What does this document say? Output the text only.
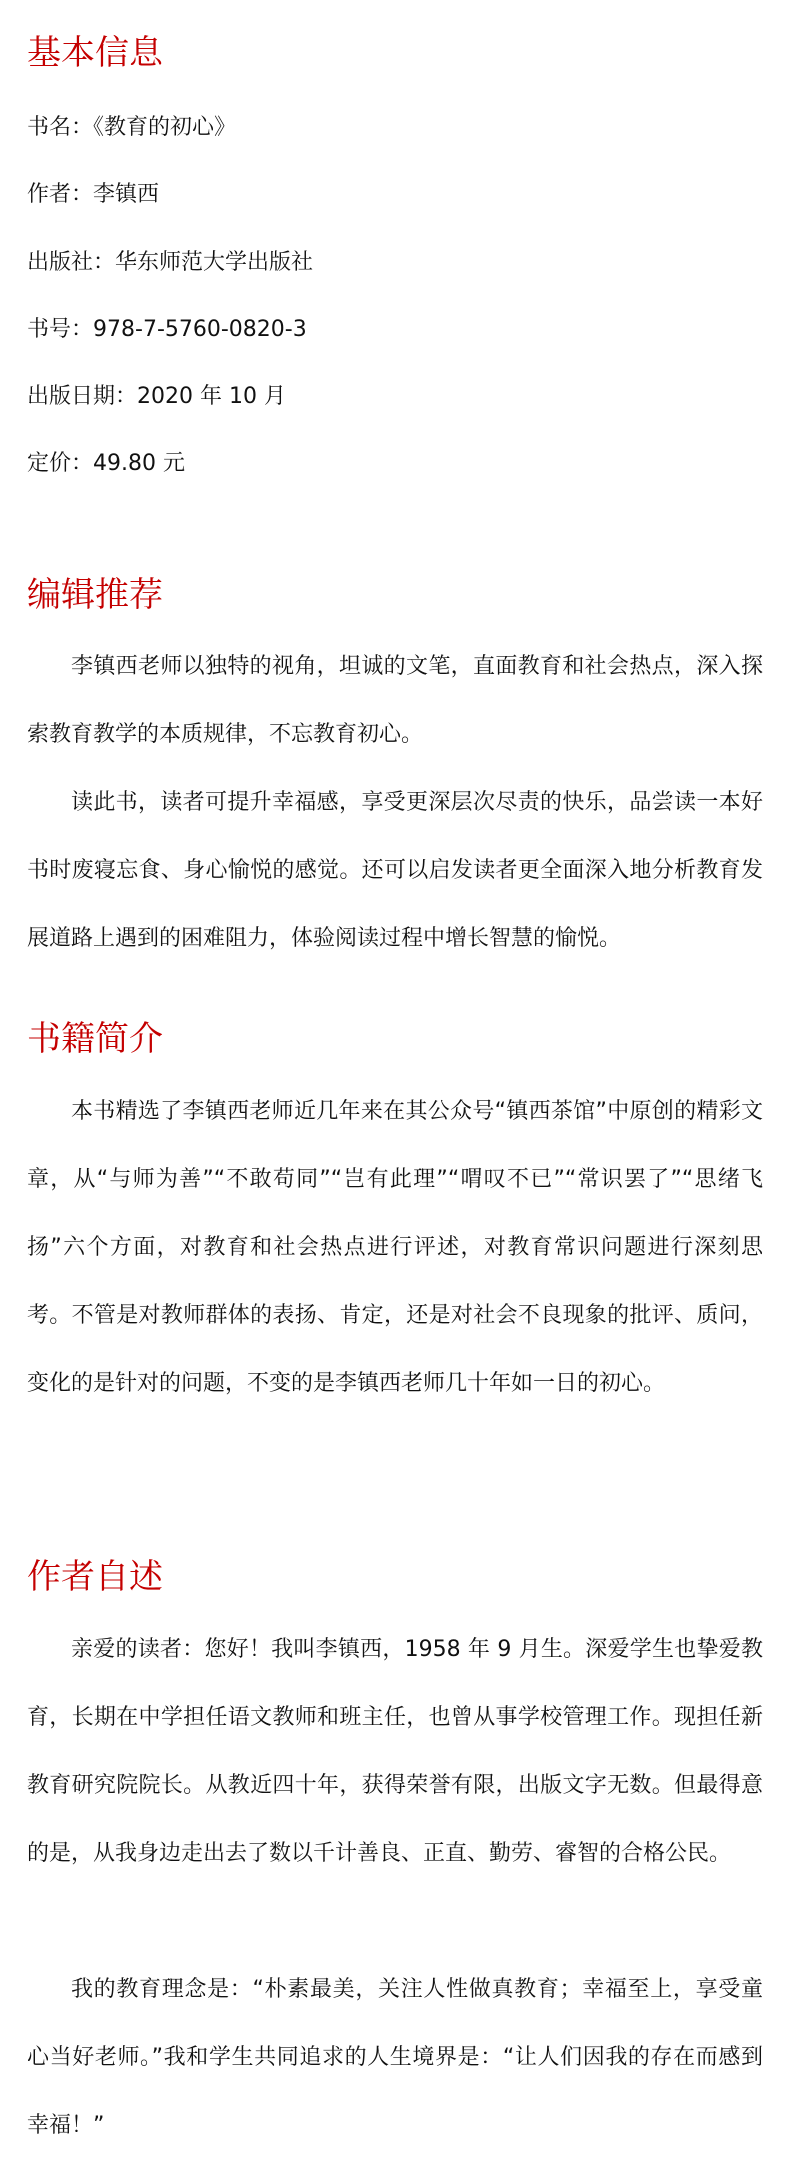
基本信息

书名：《教育的初心》

作者：李镇西

出版社：华东师范大学出版社

书号：978-7-5760-0820-3

出版日期：2020 年 10 月

定价：49.80 元

编辑推荐

李镇西老师以独特的视角，坦诚的文笔，直面教育和社会热点，深入探索教育教学的本质规律，不忘教育初心。

读此书，读者可提升幸福感，享受更深层次尽责的快乐，品尝读一本好书时废寝忘食、身心愉悦的感觉。还可以启发读者更全面深入地分析教育发展道路上遇到的困难阻力，体验阅读过程中增长智慧的愉悦。

书籍简介

本书精选了李镇西老师近几年来在其公众号“镇西茶馆”中原创的精彩文章，从“与师为善”“不敢苟同”“岂有此理”“喟叹不已”“常识罢了”“思绪飞扬”六个方面，对教育和社会热点进行评述，对教育常识问题进行深刻思考。不管是对教师群体的表扬、肯定，还是对社会不良现象的批评、质问，变化的是针对的问题，不变的是李镇西老师几十年如一日的初心。

作者自述

亲爱的读者：您好！我叫李镇西，1958 年 9 月生。深爱学生也挚爱教育，长期在中学担任语文教师和班主任，也曾从事学校管理工作。现担任新教育研究院院长。从教近四十年，获得荣誉有限，出版文字无数。但最得意的是，从我身边走出去了数以千计善良、正直、勤劳、睿智的合格公民。

我的教育理念是：“朴素最美，关注人性做真教育；幸福至上，享受童心当好老师。”我和学生共同追求的人生境界是：“让人们因我的存在而感到幸福！”
